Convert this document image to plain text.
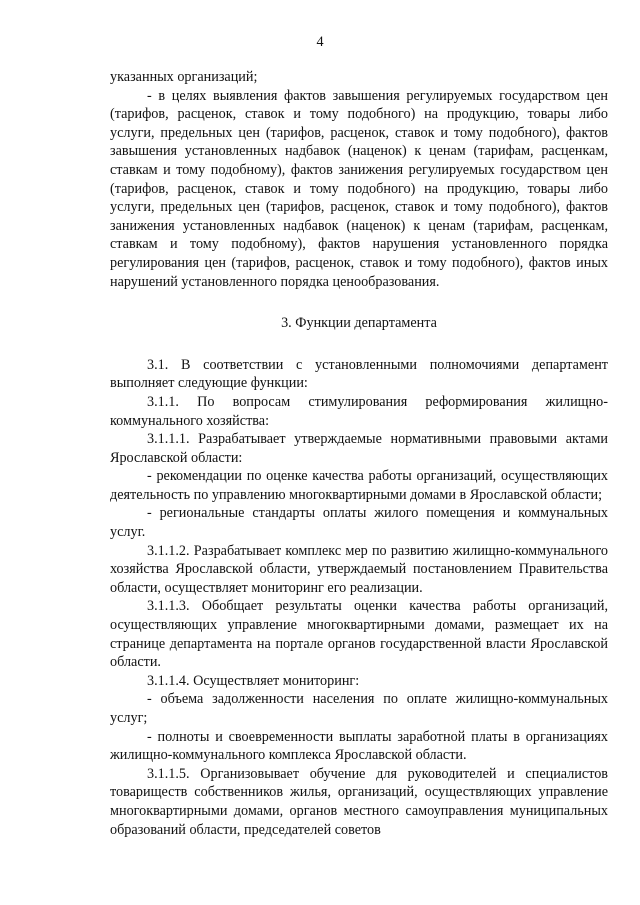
4

указанных организаций;

- в целях выявления фактов завышения регулируемых государством цен (тарифов, расценок, ставок и тому подобного) на продукцию, товары либо услуги, предельных цен (тарифов, расценок, ставок и тому подобного), фактов завышения установленных надбавок (наценок) к ценам (тарифам, расценкам, ставкам и тому подобному), фактов занижения регулируемых государством цен (тарифов, расценок, ставок и тому подобного) на продукцию, товары либо услуги, предельных цен (тарифов, расценок, ставок и тому подобного), фактов занижения установленных надбавок (наценок) к ценам (тарифам, расценкам, ставкам и тому подобному), фактов нарушения установленного порядка регулирования цен (тарифов, расценок, ставок и тому подобного), фактов иных нарушений установленного порядка ценообразования.

3. Функции департамента

3.1. В соответствии с установленными полномочиями департамент выполняет следующие функции:

3.1.1. По вопросам стимулирования реформирования жилищно-коммунального хозяйства:

3.1.1.1. Разрабатывает утверждаемые нормативными правовыми актами Ярославской области:

- рекомендации по оценке качества работы организаций, осуществляющих деятельность по управлению многоквартирными домами в Ярославской области;

- региональные стандарты оплаты жилого помещения и коммунальных услуг.

3.1.1.2. Разрабатывает комплекс мер по развитию жилищно-коммунального хозяйства Ярославской области, утверждаемый постановлением Правительства области, осуществляет мониторинг его реализации.

3.1.1.3. Обобщает результаты оценки качества работы организаций, осуществляющих управление многоквартирными домами, размещает их на странице департамента на портале органов государственной власти Ярославской области.

3.1.1.4. Осуществляет мониторинг:

- объема задолженности населения по оплате жилищно-коммунальных услуг;

- полноты и своевременности выплаты заработной платы в организациях жилищно-коммунального комплекса Ярославской области.

3.1.1.5. Организовывает обучение для руководителей и специалистов товариществ собственников жилья, организаций, осуществляющих управление многоквартирными домами, органов местного самоуправления муниципальных образований области, председателей советов
